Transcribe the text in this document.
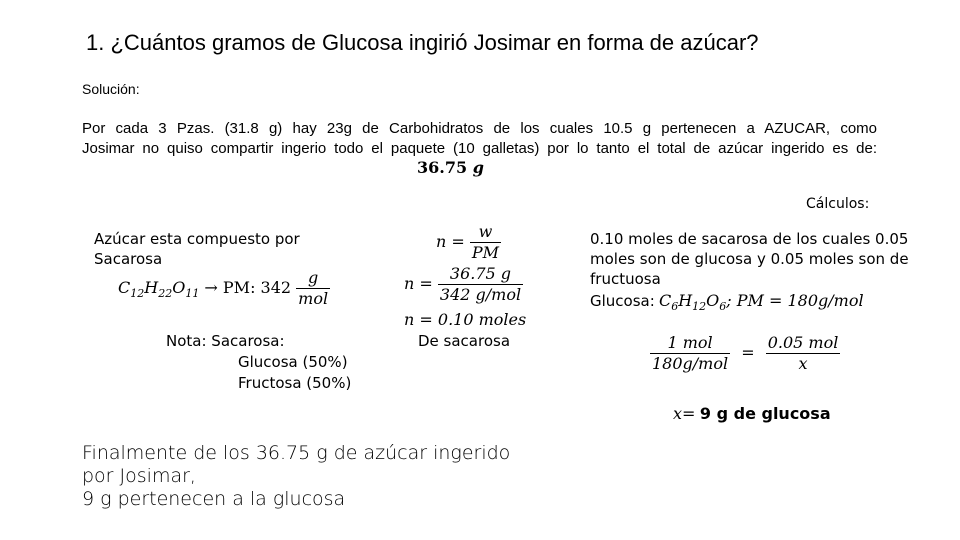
1. ¿Cuántos gramos de Glucosa ingirió Josimar en forma de azúcar?
Solución:
Por cada 3 Pzas. (31.8 g) hay 23g de Carbohidratos de los cuales 10.5 g pertenecen a AZUCAR, como
Josimar no quiso compartir ingerio todo el paquete (10 galletas) por lo tanto el total de azúcar ingerido es de:
36.75 g
Cálculos:
Azúcar esta compuesto por
Sacarosa
$C_{12}H_{22}O_{11}$ → PM: $342 \frac{g}{\text{mol}}$
Nota: Sacarosa:
Glucosa (50%)
Fructosa (50%)
$n = \frac{w}{PM}$
$n = \frac{36.75 g}{\text{342 g/mol}}$
n = 0.10 moles
De sacarosa
0.10 moles de sacarosa de los cuales 0.05
moles son de glucosa y 0.05 moles son de
fructuosa
Glucosa: $C_6H_{12}O_6$; PM = 180g/mol
$\frac{\text{1 mol}}{\text{180g/mol}} = \frac{\text{0.05 mol}}{x}$
x= 9 g de glucosa
Finalmente de los 36.75 g de azúcar ingerido
por Josimar,
9 g pertenecen a la glucosa
